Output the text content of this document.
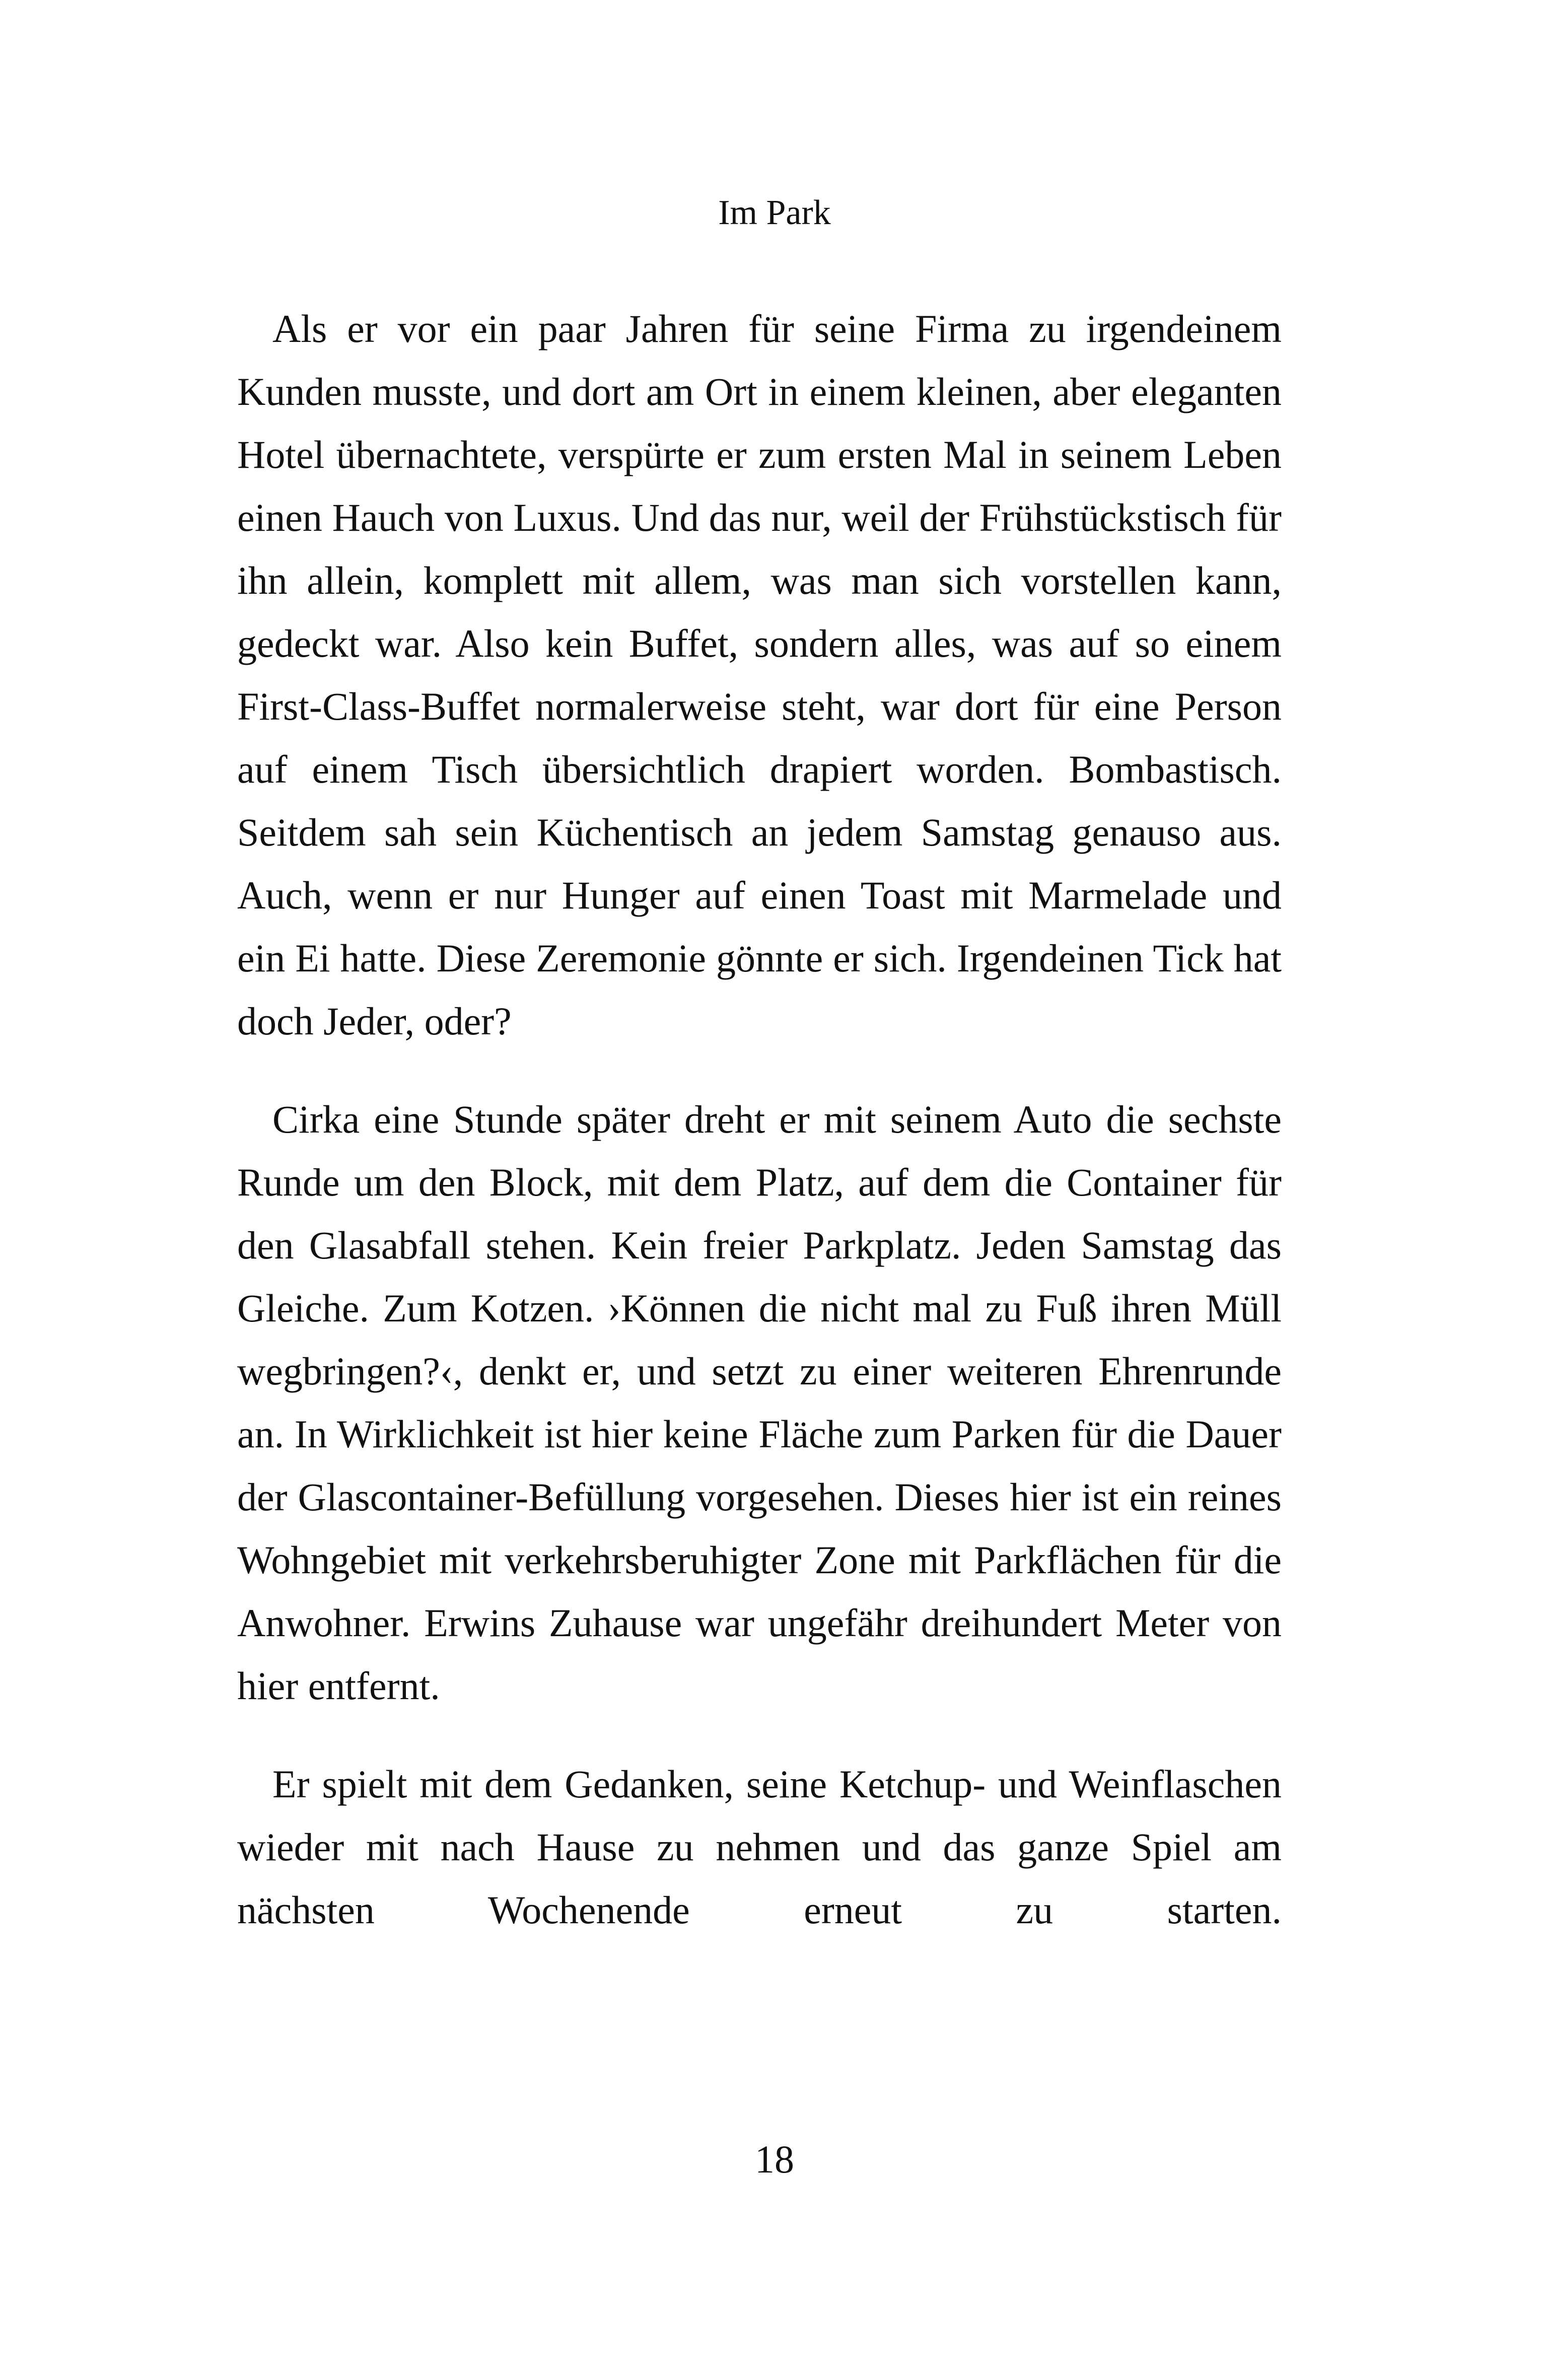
Im Park

Als er vor ein paar Jahren für seine Firma zu irgendeinem Kunden musste, und dort am Ort in einem kleinen, aber eleganten Hotel übernachtete, verspürte er zum ersten Mal in seinem Leben einen Hauch von Luxus. Und das nur, weil der Frühstückstisch für ihn allein, komplett mit allem, was man sich vorstellen kann, gedeckt war. Also kein Buffet, sondern alles, was auf so einem First-Class-Buffet normalerweise steht, war dort für eine Person auf einem Tisch übersichtlich drapiert worden. Bombastisch. Seitdem sah sein Küchentisch an jedem Samstag genauso aus. Auch, wenn er nur Hunger auf einen Toast mit Marmelade und ein Ei hatte. Diese Zeremonie gönnte er sich. Irgendeinen Tick hat doch Jeder, oder?

Cirka eine Stunde später dreht er mit seinem Auto die sechste Runde um den Block, mit dem Platz, auf dem die Container für den Glasabfall stehen. Kein freier Parkplatz. Jeden Samstag das Gleiche. Zum Kotzen. ›Können die nicht mal zu Fuß ihren Müll wegbringen?‹, denkt er, und setzt zu einer weiteren Ehrenrunde an. In Wirklichkeit ist hier keine Fläche zum Parken für die Dauer der Glascontainer-Befüllung vorgesehen. Dieses hier ist ein reines Wohngebiet mit verkehrsberuhigter Zone mit Parkflächen für die Anwohner. Erwins Zuhause war ungefähr dreihundert Meter von hier entfernt.

Er spielt mit dem Gedanken, seine Ketchup- und Weinflaschen wieder mit nach Hause zu nehmen und das ganze Spiel am nächsten Wochenende erneut zu starten.

18
